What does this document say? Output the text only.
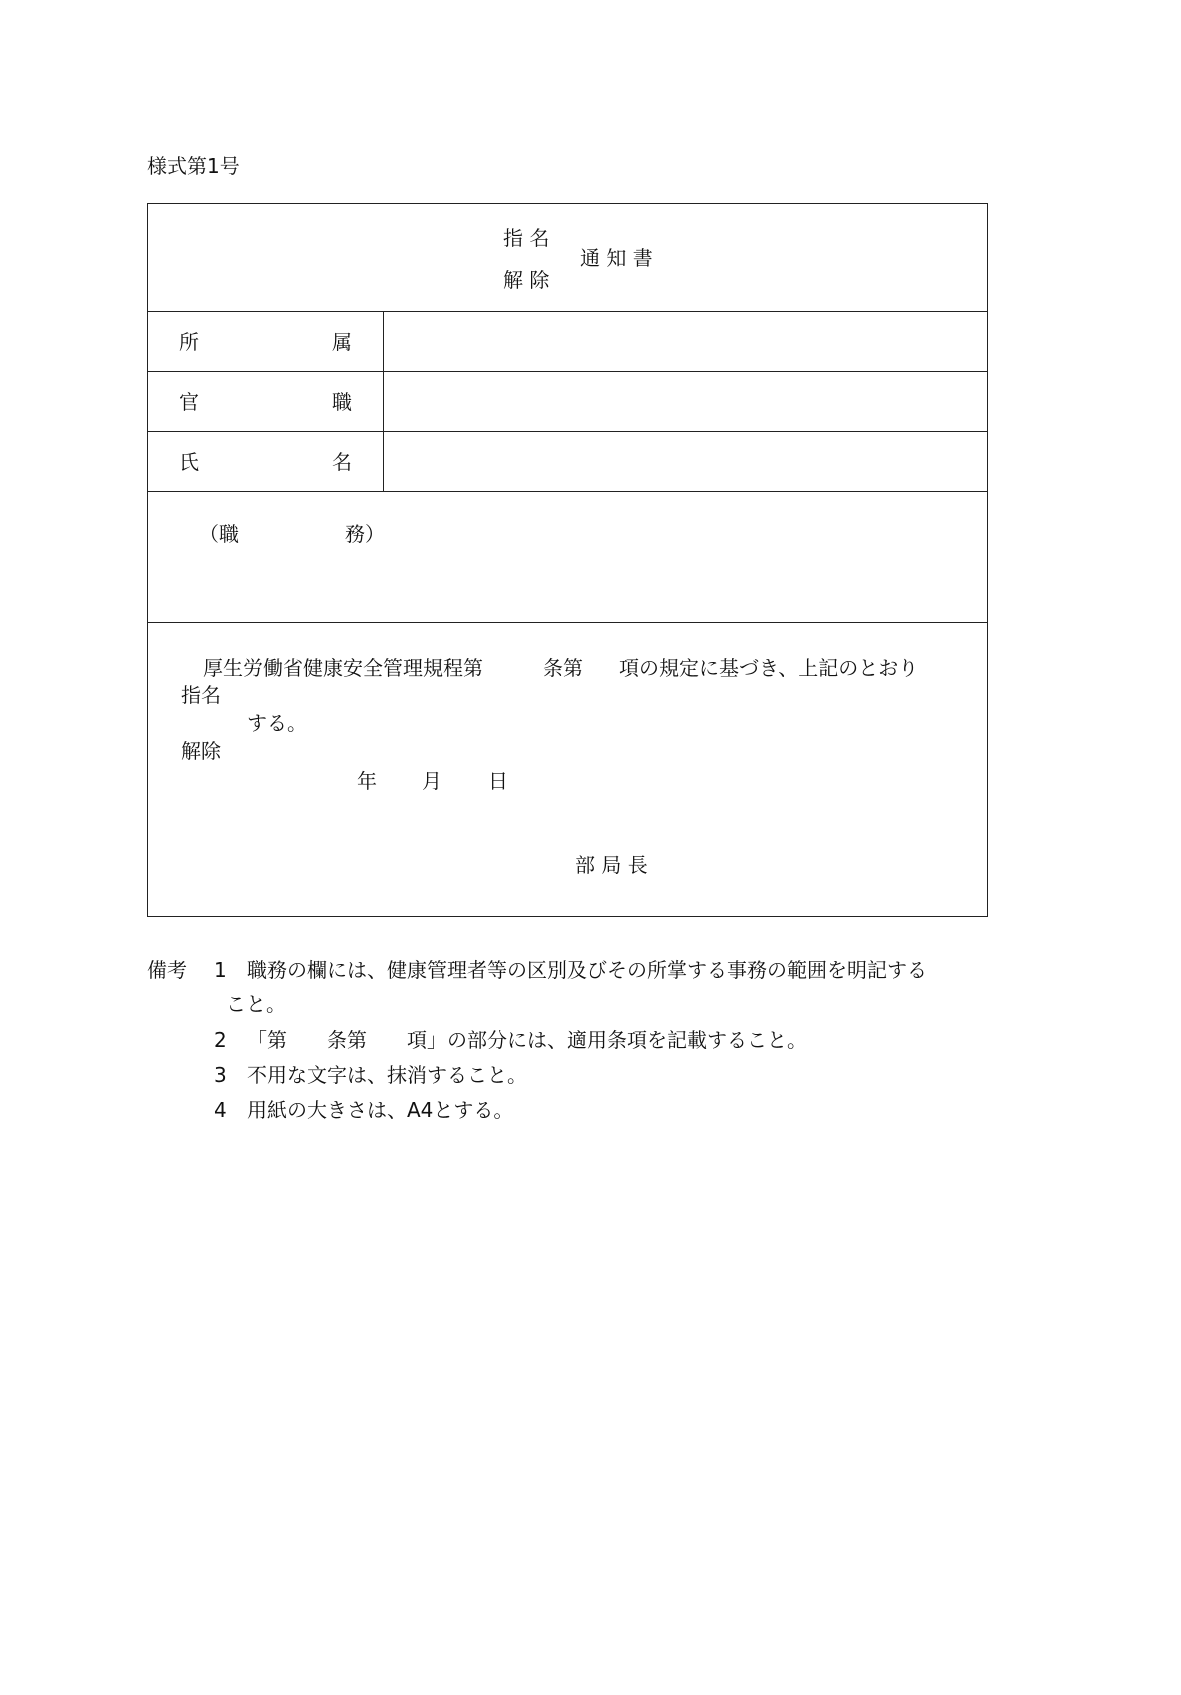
様式第1号
指 名
解 除
通 知 書
所	属
官	職
氏	名
（職	務）
厚生労働省健康安全管理規程第	条第 項の規定に基づき、上記のとおり
指名
する。
解除
年 月 日
部 局 長
備考 1 職務の欄には、健康管理者等の区別及びその所掌する事務の範囲を明記する
こと。
2 「第　　条第　　項」の部分には、適用条項を記載すること。
3 不用な文字は、抹消すること。
4 用紙の大きさは、A4とする。
